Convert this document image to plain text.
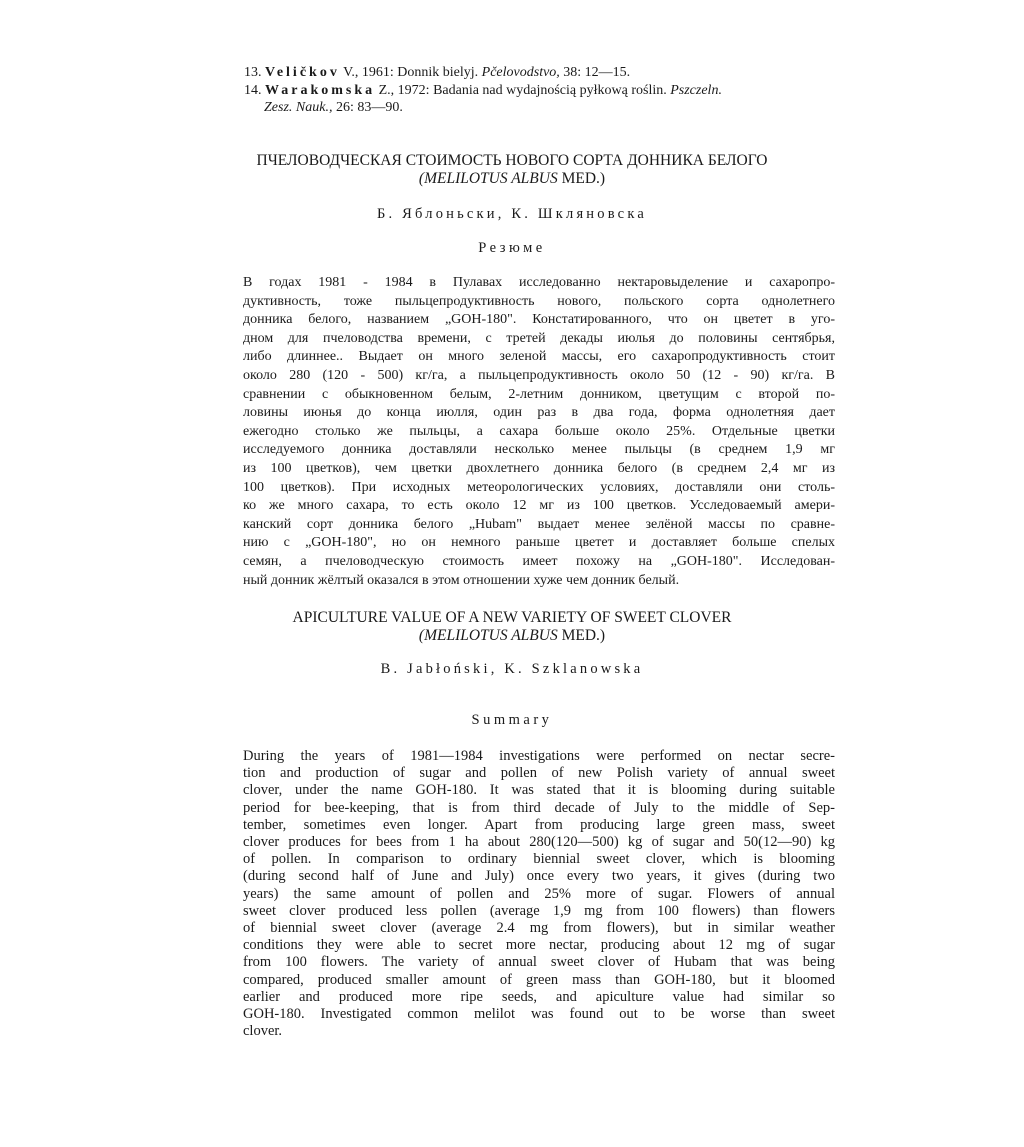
13. Veličkov V., 1961: Donnik bielyj. Pčelovodstvo, 38: 12—15.

14. Warakomska Z., 1972: Badania nad wydajnością pyłkową roślin. Pszczeln.

Zesz. Nauk., 26: 83—90.

ПЧЕЛОВОДЧЕСКАЯ СТОИМОСТЬ НОВОГО СОРТА ДОННИКА БЕЛОГО
(MELILOTUS ALBUS MED.)
Б. Яблоньски, К. Шкляновска
Резюме
В годах 1981 - 1984 в Пулавах исследованно нектаровыделение и сахаропро-
дуктивность, тоже пыльцепродуктивность нового, польского сорта однолетнего
донника белого, названием „GOH-180". Констатированного, что он цветет в уго-
дном для пчеловодства времени, с третей декады июлья до половины сентябрья,
либо длиннее.. Выдает он много зеленой массы, его сахаропродуктивность стоит
около 280 (120 - 500) кг/га, а пыльцепродуктивность около 50 (12 - 90) кг/га. В
сравнении с обыкновенном белым, 2-летним донником, цветущим с второй по-
ловины июнья до конца июлля, один раз в два года, форма однолетняя дает
ежегодно столько же пыльцы, а сахара больше около 25%. Отдельные цветки
исследуемого донника доставляли несколько менее пыльцы (в среднем 1,9 мг
из 100 цветков), чем цветки двохлетнего донника белого (в среднем 2,4 мг из
100 цветков). При исходных метеорологических условиях, доставляли они столь-
ко же много сахара, то есть около 12 мг из 100 цветков. Усследоваемый амери-
канский сорт донника белого „Hubam" выдает менее зелёной массы по сравне-
нию с „GOH-180", но он немного раньше цветет и доставляет больше спелых
семян, а пчеловодческую стоимость имеет похожу на „GOH-180". Исследован-
ный донник жёлтый оказался в этом отношении хуже чем донник белый.
APICULTURE VALUE OF A NEW VARIETY OF SWEET CLOVER
(MELILOTUS ALBUS MED.)
B. Jabłoński, K. Szklanowska
Summary
During the years of 1981—1984 investigations were performed on nectar secre-
tion and production of sugar and pollen of new Polish variety of annual sweet
clover, under the name GOH-180. It was stated that it is blooming during suitable
period for bee-keeping, that is from third decade of July to the middle of Sep-
tember, sometimes even longer. Apart from producing large green mass, sweet
clover produces for bees from 1 ha about 280(120—500) kg of sugar and 50(12—90) kg
of pollen. In comparison to ordinary biennial sweet clover, which is blooming
(during second half of June and July) once every two years, it gives (during two
years) the same amount of pollen and 25% more of sugar. Flowers of annual
sweet clover produced less pollen (average 1,9 mg from 100 flowers) than flowers
of biennial sweet clover (average 2.4 mg from flowers), but in similar weather
conditions they were able to secret more nectar, producing about 12 mg of sugar
from 100 flowers. The variety of annual sweet clover of Hubam that was being
compared, produced smaller amount of green mass than GOH-180, but it bloomed
earlier and produced more ripe seeds, and apiculture value had similar so
GOH-180. Investigated common melilot was found out to be worse than sweet
clover.
